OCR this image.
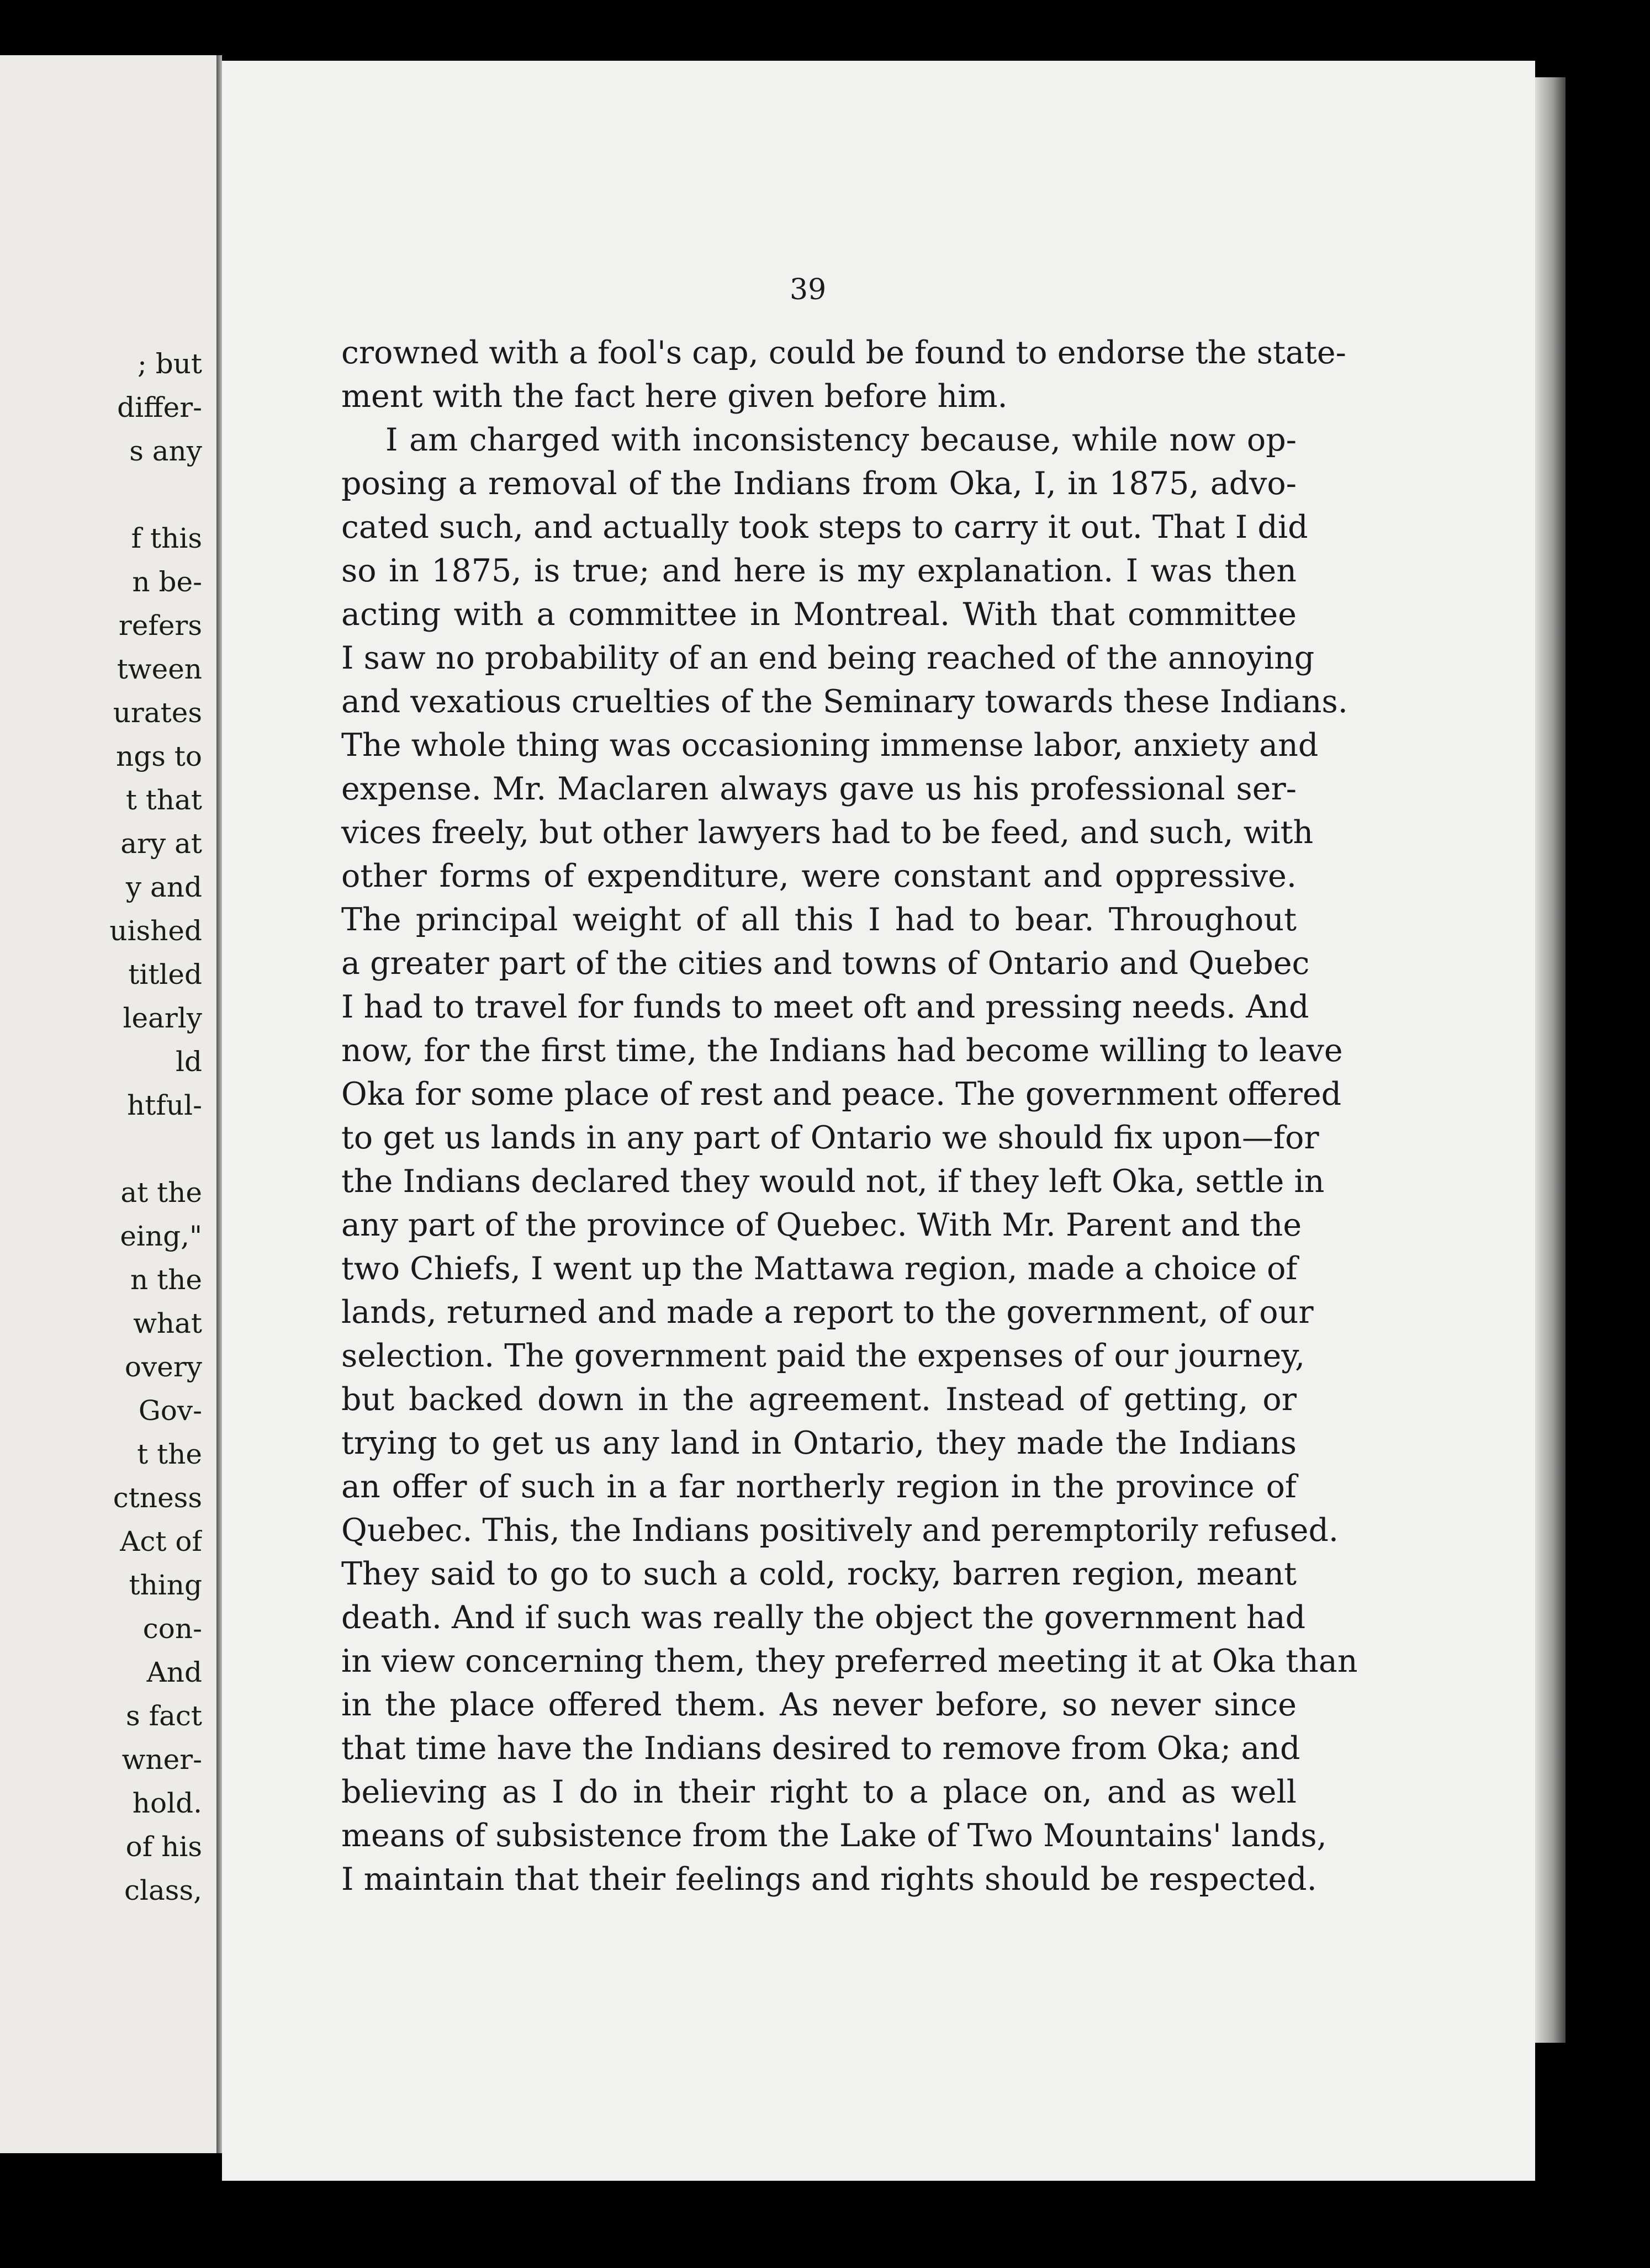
; but
differ-
s any
f this
n be-
refers
tween
urates
ngs to
t that
ary at
y and
uished
titled
learly
ld
htful-
at the
eing,"
n the
what
overy
Gov-
t the
ctness
Act of
thing
con-
And
s fact
wner-
hold.
of his
class,
39
crowned with a fool's cap, could be found to endorse the state-
ment with the fact here given before him.
I am charged with inconsistency because, while now op-
posing a removal of the Indians from Oka, I, in 1875, advo-
cated such, and actually took steps to carry it out. That I did
so in 1875, is true; and here is my explanation. I was then
acting with a committee in Montreal. With that committee
I saw no probability of an end being reached of the annoying
and vexatious cruelties of the Seminary towards these Indians.
The whole thing was occasioning immense labor, anxiety and
expense. Mr. Maclaren always gave us his professional ser-
vices freely, but other lawyers had to be feed, and such, with
other forms of expenditure, were constant and oppressive.
The principal weight of all this I had to bear. Throughout
a greater part of the cities and towns of Ontario and Quebec
I had to travel for funds to meet oft and pressing needs. And
now, for the first time, the Indians had become willing to leave
Oka for some place of rest and peace. The government offered
to get us lands in any part of Ontario we should fix upon—for
the Indians declared they would not, if they left Oka, settle in
any part of the province of Quebec. With Mr. Parent and the
two Chiefs, I went up the Mattawa region, made a choice of
lands, returned and made a report to the government, of our
selection. The government paid the expenses of our journey,
but backed down in the agreement. Instead of getting, or
trying to get us any land in Ontario, they made the Indians
an offer of such in a far northerly region in the province of
Quebec. This, the Indians positively and peremptorily refused.
They said to go to such a cold, rocky, barren region, meant
death. And if such was really the object the government had
in view concerning them, they preferred meeting it at Oka than
in the place offered them. As never before, so never since
that time have the Indians desired to remove from Oka; and
believing as I do in their right to a place on, and as well
means of subsistence from the Lake of Two Mountains' lands,
I maintain that their feelings and rights should be respected.
